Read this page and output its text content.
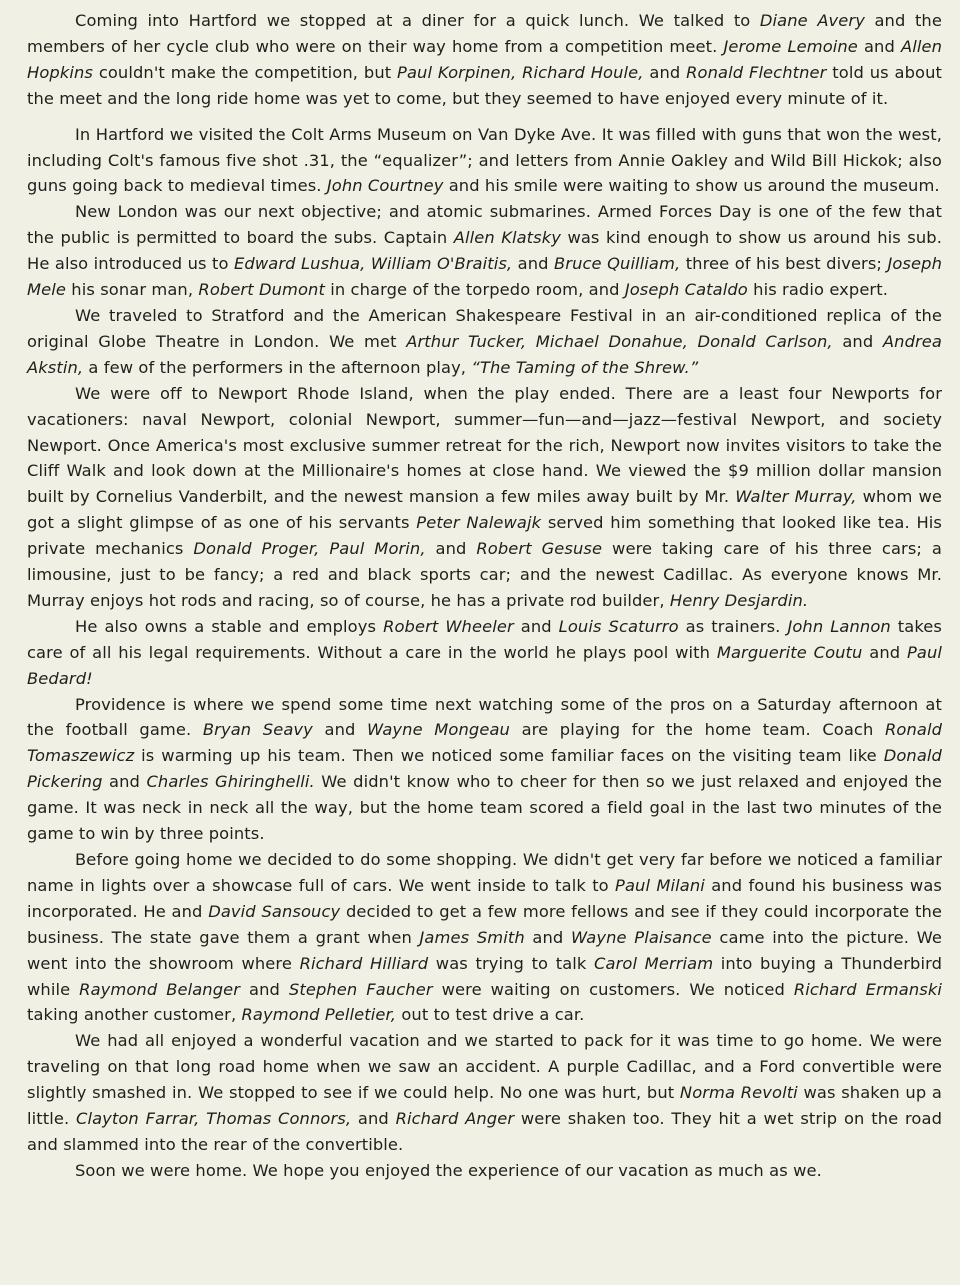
Coming into Hartford we stopped at a diner for a quick lunch. We talked to Diane Avery and the members of her cycle club who were on their way home from a competition meet. Jerome Lemoine and Allen Hopkins couldn't make the competition, but Paul Korpinen, Richard Houle, and Ronald Flechtner told us about the meet and the long ride home was yet to come, but they seemed to have enjoyed every minute of it.

In Hartford we visited the Colt Arms Museum on Van Dyke Ave. It was filled with guns that won the west, including Colt's famous five shot .31, the “equalizer”; and letters from Annie Oakley and Wild Bill Hickok; also guns going back to medieval times. John Courtney and his smile were waiting to show us around the museum.

New London was our next objective; and atomic submarines. Armed Forces Day is one of the few that the public is permitted to board the subs. Captain Allen Klatsky was kind enough to show us around his sub. He also introduced us to Edward Lushua, William O'Braitis, and Bruce Quilliam, three of his best divers; Joseph Mele his sonar man, Robert Dumont in charge of the torpedo room, and Joseph Cataldo his radio expert.

We traveled to Stratford and the American Shakespeare Festival in an air-conditioned replica of the original Globe Theatre in London. We met Arthur Tucker, Michael Donahue, Donald Carlson, and Andrea Akstin, a few of the performers in the afternoon play, “The Taming of the Shrew.”

We were off to Newport Rhode Island, when the play ended. There are a least four Newports for vacationers: naval Newport, colonial Newport, summer—fun—and—jazz—festival Newport, and society Newport. Once America's most exclusive summer retreat for the rich, Newport now invites visitors to take the Cliff Walk and look down at the Millionaire's homes at close hand. We viewed the $9 million dollar mansion built by Cornelius Vanderbilt, and the newest mansion a few miles away built by Mr. Walter Murray, whom we got a slight glimpse of as one of his servants Peter Nalewajk served him something that looked like tea. His private mechanics Donald Proger, Paul Morin, and Robert Gesuse were taking care of his three cars; a limousine, just to be fancy; a red and black sports car; and the newest Cadillac. As everyone knows Mr. Murray enjoys hot rods and racing, so of course, he has a private rod builder, Henry Desjardin.

He also owns a stable and employs Robert Wheeler and Louis Scaturro as trainers. John Lannon takes care of all his legal requirements. Without a care in the world he plays pool with Marguerite Coutu and Paul Bedard!

Providence is where we spend some time next watching some of the pros on a Saturday afternoon at the football game. Bryan Seavy and Wayne Mongeau are playing for the home team. Coach Ronald Tomaszewicz is warming up his team. Then we noticed some familiar faces on the visiting team like Donald Pickering and Charles Ghiringhelli. We didn't know who to cheer for then so we just relaxed and enjoyed the game. It was neck in neck all the way, but the home team scored a field goal in the last two minutes of the game to win by three points.

Before going home we decided to do some shopping. We didn't get very far before we noticed a familiar name in lights over a showcase full of cars. We went inside to talk to Paul Milani and found his business was incorporated. He and David Sansoucy decided to get a few more fellows and see if they could incorporate the business. The state gave them a grant when James Smith and Wayne Plaisance came into the picture. We went into the showroom where Richard Hilliard was trying to talk Carol Merriam into buying a Thunderbird while Raymond Belanger and Stephen Faucher were waiting on customers. We noticed Richard Ermanski taking another customer, Raymond Pelletier, out to test drive a car.

We had all enjoyed a wonderful vacation and we started to pack for it was time to go home. We were traveling on that long road home when we saw an accident. A purple Cadillac, and a Ford convertible were slightly smashed in. We stopped to see if we could help. No one was hurt, but Norma Revolti was shaken up a little. Clayton Farrar, Thomas Connors, and Richard Anger were shaken too. They hit a wet strip on the road and slammed into the rear of the convertible.

Soon we were home. We hope you enjoyed the experience of our vacation as much as we.
